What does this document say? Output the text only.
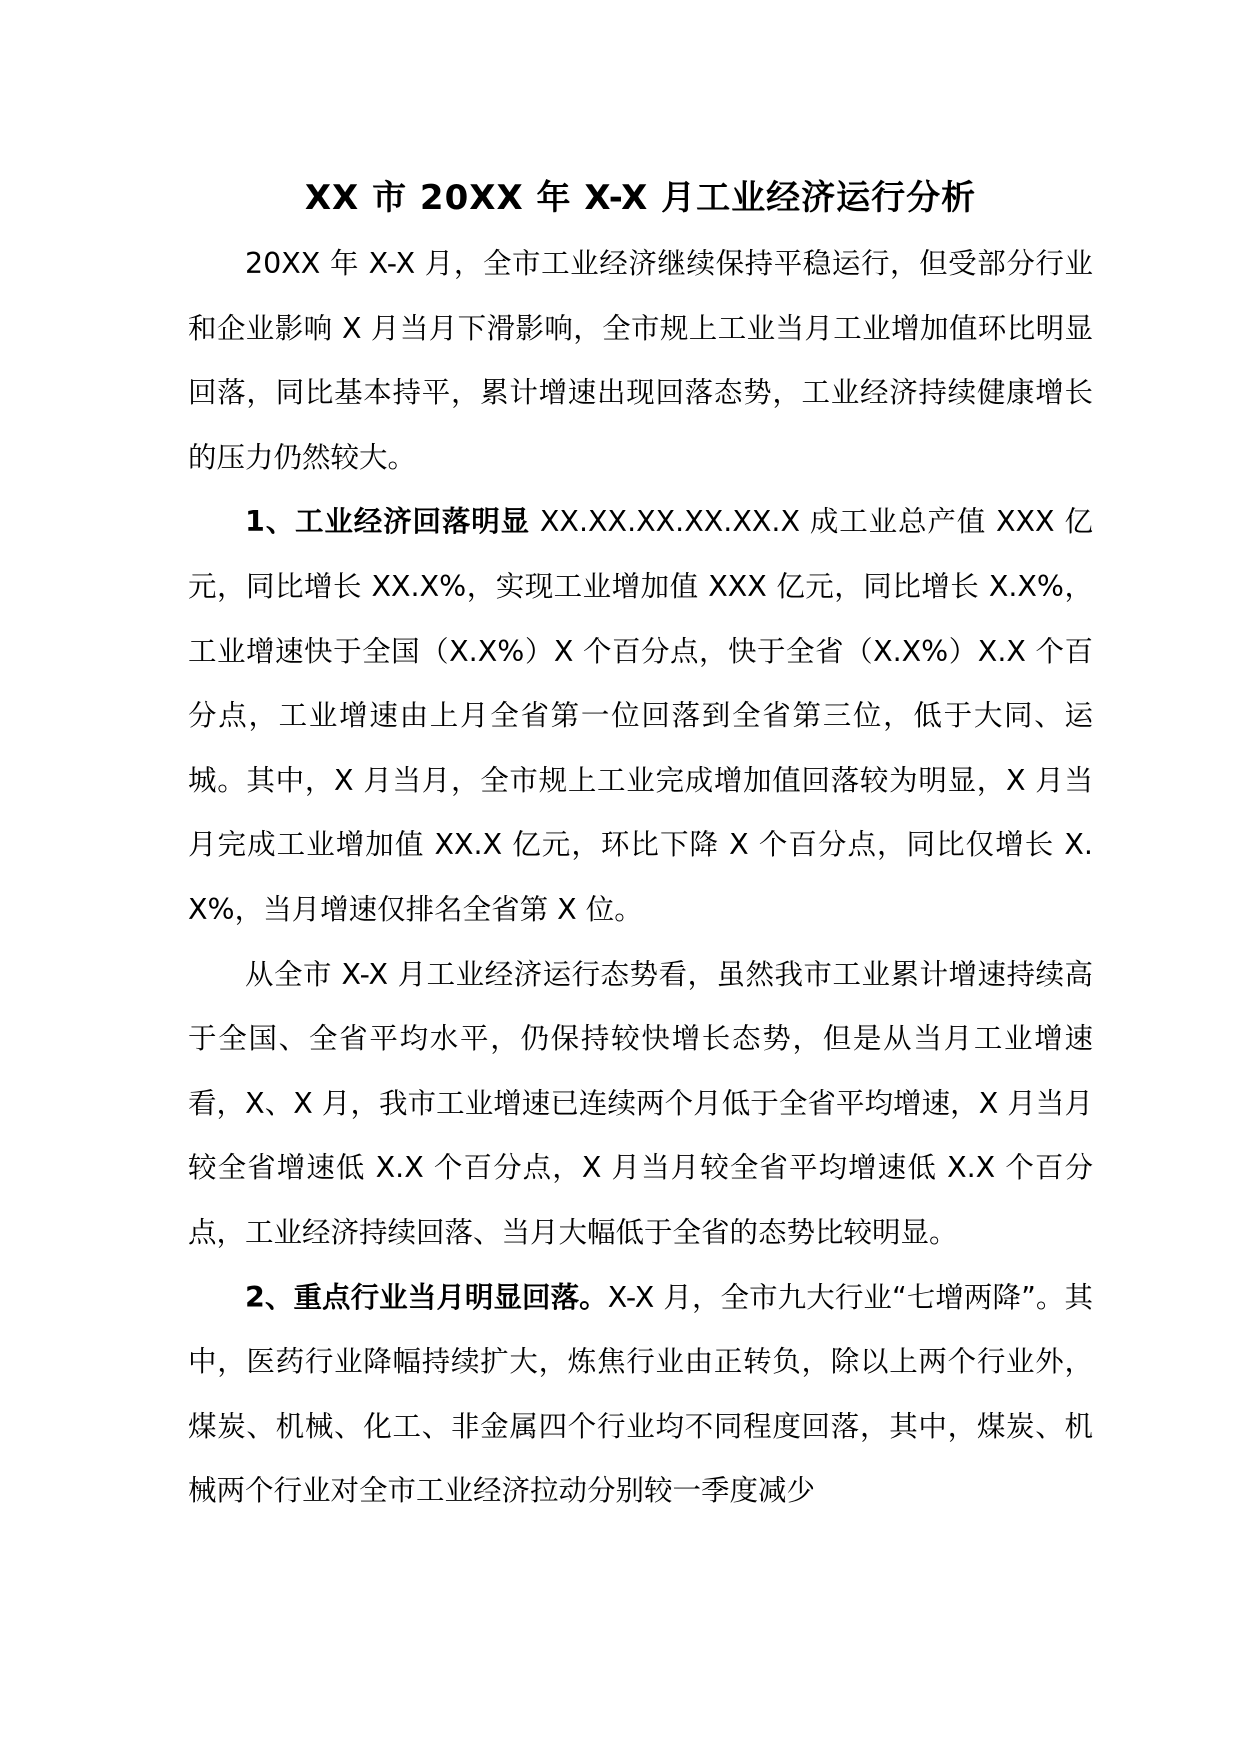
XX 市 20XX 年 X-X 月工业经济运行分析

20XX 年 X-X 月，全市工业经济继续保持平稳运行，但受部分行业和企业影响 X 月当月下滑影响，全市规上工业当月工业增加值环比明显回落，同比基本持平，累计增速出现回落态势，工业经济持续健康增长的压力仍然较大。

1、工业经济回落明显 XX.XX.XX.XX.XX.X 成工业总产值 XXX 亿元，同比增长 XX.X%，实现工业增加值 XXX 亿元，同比增长 X.X%，工业增速快于全国（X.X%）X 个百分点，快于全省（X.X%）X.X 个百分点，工业增速由上月全省第一位回落到全省第三位，低于大同、运城。其中，X 月当月，全市规上工业完成增加值回落较为明显，X 月当月完成工业增加值 XX.X 亿元，环比下降 X 个百分点，同比仅增长 X.X%，当月增速仅排名全省第 X 位。

从全市 X-X 月工业经济运行态势看，虽然我市工业累计增速持续高于全国、全省平均水平，仍保持较快增长态势，但是从当月工业增速看，X、X 月，我市工业增速已连续两个月低于全省平均增速，X 月当月较全省增速低 X.X 个百分点，X 月当月较全省平均增速低 X.X 个百分点，工业经济持续回落、当月大幅低于全省的态势比较明显。

2、重点行业当月明显回落。X-X 月，全市九大行业“七增两降”。其中，医药行业降幅持续扩大，炼焦行业由正转负，除以上两个行业外，煤炭、机械、化工、非金属四个行业均不同程度回落，其中，煤炭、机械两个行业对全市工业经济拉动分别较一季度减少
